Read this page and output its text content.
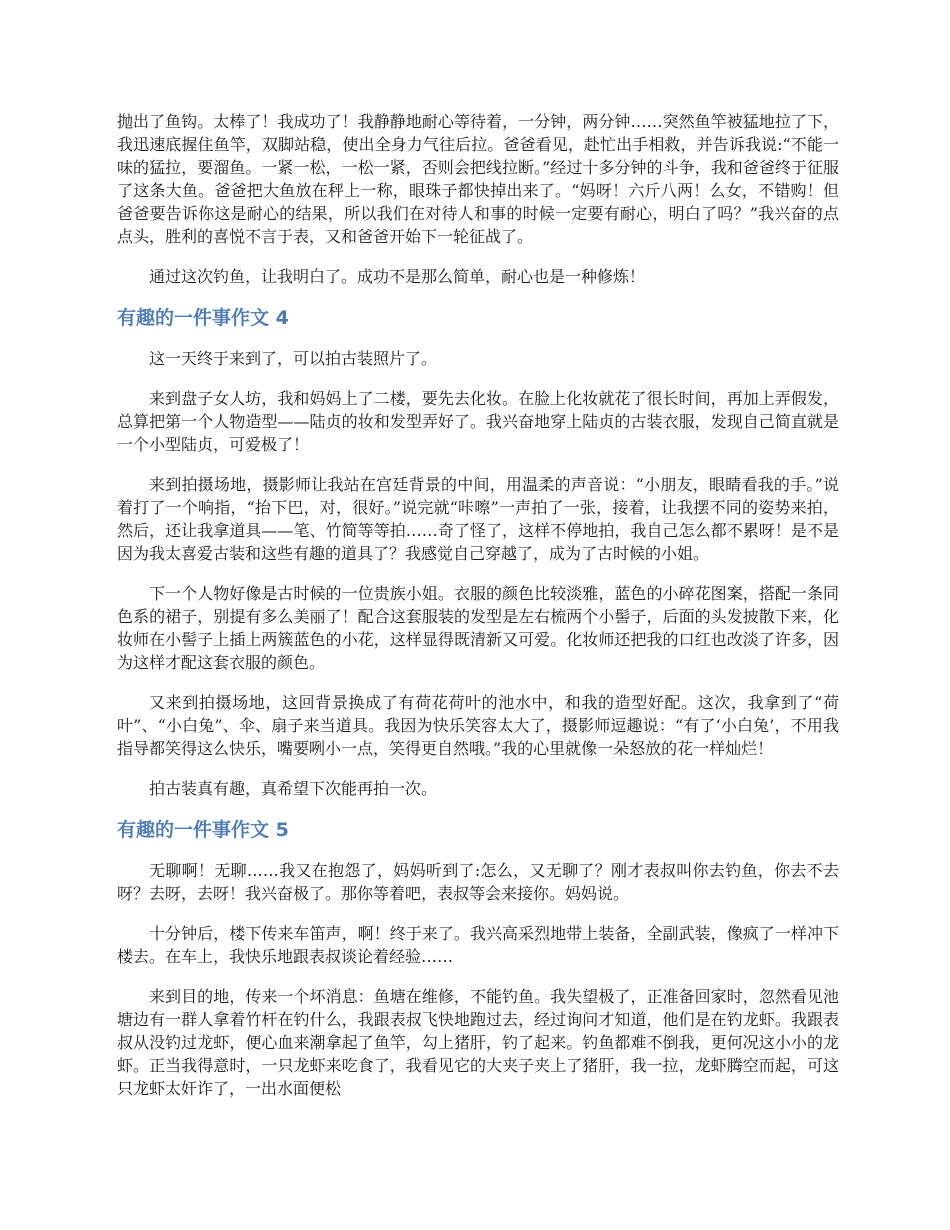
抛出了鱼钩。太棒了！我成功了！我静静地耐心等待着，一分钟，两分钟……突然鱼竿被猛地拉了下，我迅速底握住鱼竿，双脚站稳，使出全身力气往后拉。爸爸看见，赴忙出手相救，并告诉我说:“不能一味的猛拉，要溜鱼。一紧一松，一松一紧，否则会把线拉断。”经过十多分钟的斗争，我和爸爸终于征服了这条大鱼。爸爸把大鱼放在秤上一称，眼珠子都快掉出来了。“妈呀！六斤八两！么女，不错购！但爸爸要告诉你这是耐心的结果，所以我们在对待人和事的时候一定要有耐心，明白了吗？”我兴奋的点点头，胜利的喜悦不言于表，又和爸爸开始下一轮征战了。

通过这次钓鱼，让我明白了。成功不是那么简单，耐心也是一种修炼！

有趣的一件事作文 4

这一天终于来到了，可以拍古装照片了。

来到盘子女人坊，我和妈妈上了二楼，要先去化妆。在脸上化妆就花了很长时间，再加上弄假发，总算把第一个人物造型——陆贞的妆和发型弄好了。我兴奋地穿上陆贞的古装衣服，发现自己简直就是一个小型陆贞，可爱极了！

来到拍摄场地，摄影师让我站在宫廷背景的中间，用温柔的声音说：“小朋友，眼睛看我的手。”说着打了一个响指，“抬下巴，对，很好。”说完就“咔嚓”一声拍了一张，接着，让我摆不同的姿势来拍，然后，还让我拿道具——笔、竹简等等拍……奇了怪了，这样不停地拍，我自己怎么都不累呀！是不是因为我太喜爱古装和这些有趣的道具了？我感觉自己穿越了，成为了古时候的小姐。

下一个人物好像是古时候的一位贵族小姐。衣服的颜色比较淡雅，蓝色的小碎花图案，搭配一条同色系的裙子，别提有多么美丽了！配合这套服装的发型是左右梳两个小髻子，后面的头发披散下来，化妆师在小髻子上插上两簇蓝色的小花，这样显得既清新又可爱。化妆师还把我的口红也改淡了许多，因为这样才配这套衣服的颜色。

又来到拍摄场地，这回背景换成了有荷花荷叶的池水中，和我的造型好配。这次，我拿到了“荷叶”、“小白兔”、伞、扇子来当道具。我因为快乐笑容太大了，摄影师逗趣说：“有了‘小白兔’，不用我指导都笑得这么快乐，嘴要咧小一点，笑得更自然哦。”我的心里就像一朵怒放的花一样灿烂！

拍古装真有趣，真希望下次能再拍一次。

有趣的一件事作文 5

无聊啊！无聊……我又在抱怨了，妈妈听到了:怎么，又无聊了？刚才表叔叫你去钓鱼，你去不去呀？去呀，去呀！我兴奋极了。那你等着吧，表叔等会来接你。妈妈说。

十分钟后，楼下传来车笛声，啊！终于来了。我兴高采烈地带上装备，全副武装，像疯了一样冲下楼去。在车上，我快乐地跟表叔谈论着经验……

来到目的地，传来一个坏消息：鱼塘在维修，不能钓鱼。我失望极了，正准备回家时，忽然看见池塘边有一群人拿着竹杆在钓什么，我跟表叔飞快地跑过去，经过询问才知道，他们是在钓龙虾。我跟表叔从没钓过龙虾，便心血来潮拿起了鱼竿，勾上猪肝，钓了起来。钓鱼都难不倒我，更何况这小小的龙虾。正当我得意时，一只龙虾来吃食了，我看见它的大夹子夹上了猪肝，我一拉，龙虾腾空而起，可这只龙虾太奸诈了，一出水面便松
